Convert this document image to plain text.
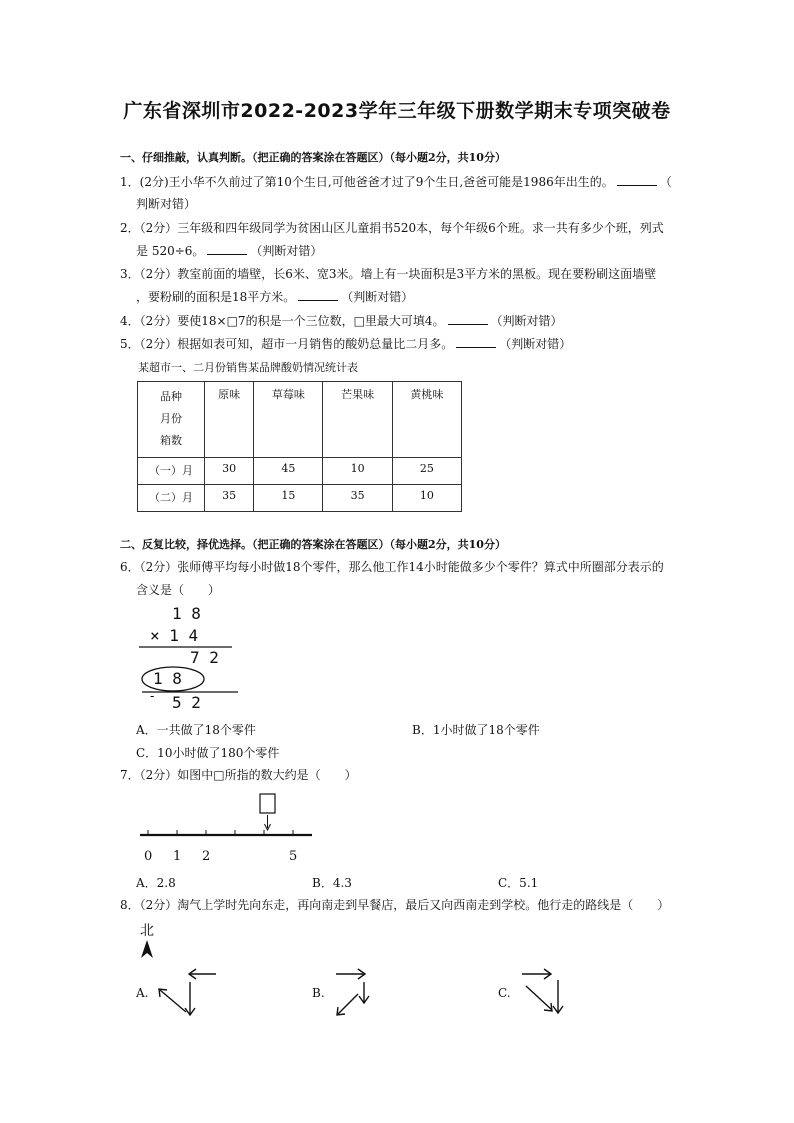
广东省深圳市2022-2023学年三年级下册数学期末专项突破卷
一、仔细推敲，认真判断。（把正确的答案涂在答题区）（每小题2分，共10分）
1．(2分)王小华不久前过了第10个生日,可他爸爸才过了9个生日,爸爸可能是1986年出生的。	（
判断对错）
2．（2分）三年级和四年级同学为贫困山区儿童捐书520本，每个年级6个班。求一共有多少个班，列式
是 520÷6。	（判断对错）
3．（2分）教室前面的墙壁，长6米、宽3米。墙上有一块面积是3平方米的黑板。现在要粉刷这面墙壁
，要粉刷的面积是18平方米。	（判断对错）
4．（2分）要使18×□7的积是一个三位数，□里最大可填4。	（判断对错）
5．（2分）根据如表可知，超市一月销售的酸奶总量比二月多。	（判断对错）
某超市一、二月份销售某品牌酸奶情况统计表
品种
月份
箱数	原味	草莓味	芒果味	黄桃味
（一）月	30	45	10	25
（二）月	35	15	35	10
二、反复比较，择优选择。（把正确的答案涂在答题区）（每小题2分，共10分）
6．（2分）张师傅平均每小时做18个零件，那么他工作14小时能做多少个零件？算式中所圈部分表示的
含义是（　　）
-
1 8
× 1 4
7 2
1 8
5 2
A．一共做了18个零件	B．1小时做了18个零件
C．10小时做了180个零件
7．（2分）如图中□所指的数大约是（　　）
0 1 2	5
A．2.8	B．4.3	C．5.1
8．（2分）淘气上学时先向东走，再向南走到早餐店，最后又向西南走到学校。他行走的路线是（　　）
北
A.	B.	C.
